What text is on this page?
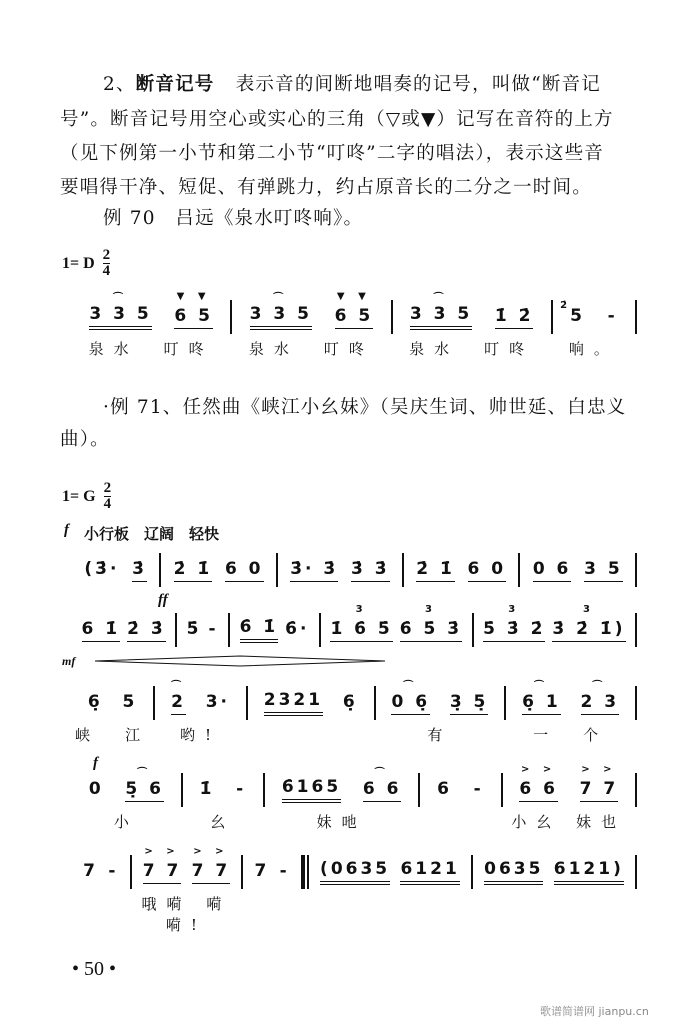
2、断音记号 表示音的间断地唱奏的记号，叫做“断音记
号”。断音记号用空心或实心的三角（▽或▼）记写在音符的上方
（见下例第一小节和第二小节“叮咚”二字的唱法），表示这些音
要唱得干净、短促、有弹跳力，约占原音长的二分之一时间。
例 70　吕远《泉水叮咚响》。
1= D $\frac{2}{4}$
3 3 5
⌒
6 5
▼ ▼
泉水　叮咚
3 3 5
⌒
6 5
▼ ▼
泉水　叮咚
3 3 5
⌒
1̇ 2̇
泉水　叮咚
5
2̇
-
响。
·例 71、任然曲《峡江小幺妹》（吴庆生词、帅世延、白忠义
曲）。
1= G $\frac{2}{4}$
f 小行板　辽阔　轻快
ff
mf
f
(3̇· 3̇ 2̇ 1̇ 6 0 3̇· 3̇ 3̇ 3̇ 2̇ 1̇ 6 0 0 6 3 5
6 1̇ 2̇ 3̇ 5̇ - 6̇ 1̇ 6̇· 1̇ 6̇ 5̇
3
6̇ 5̇ 3̇
3
5̇ 3̇ 2̇
3
3̇ 2̇ 1̇)
3
6̣ 5
峡　江
2
⌒
3·
哟!
2321 6̣ 0 6̣
⌒
3̣ 5̣
有
6̣ 1
⌒
2 3
⌒
一　个
0 5̣ 6
⌒
小
1̇ -
幺
6̇165 6 6
⌒
妹吔
6 - 6 6
> >
7 7
> >
小幺 妹也
7 - 7 7
> >
7 7
> >
哦嗬 嗬嗬!
7 - (0635 6121 0635 6121)
• 50 •
歌谱简谱网 jianpu.cn
